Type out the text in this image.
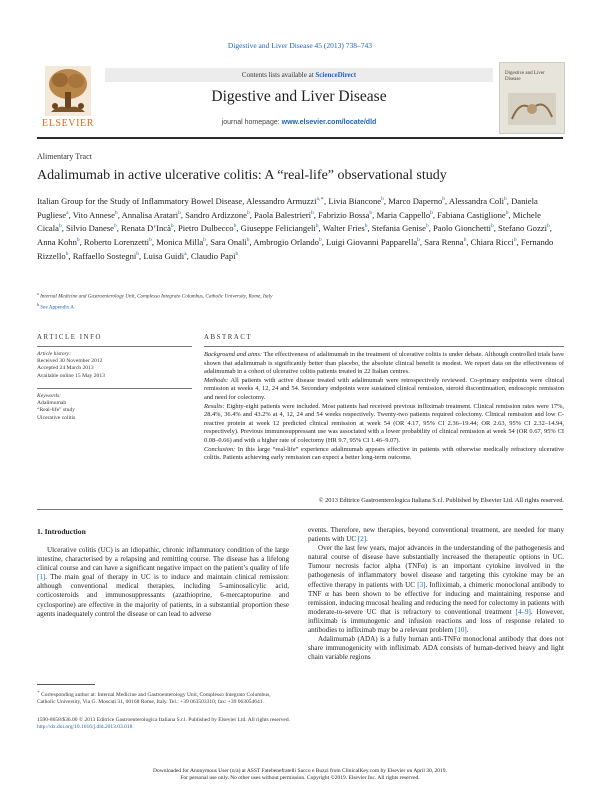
Digestive and Liver Disease 45 (2013) 738–743
ELSEVIER
Contents lists available at ScienceDirect
Digestive and Liver Disease
journal homepage: www.elsevier.com/locate/dld
Digestive and Liver Disease
Alimentary Tract
Adalimumab in active ulcerative colitis: A “real-life” observational study
Italian Group for the Study of Inflammatory Bowel Disease, Alessandro Armuzzi$^{a,∗}$, Livia Biancone$^b$, Marco Daperno$^b$, Alessandra Coli$^b$, Daniela Pugliese$^a$, Vito Annese$^b$, Annalisa Aratari$^b$, Sandro Ardizzone$^b$, Paola Balestrieri$^b$, Fabrizio Bossa$^b$, Maria Cappello$^b$, Fabiana Castiglione$^b$, Michele Cicala$^b$, Silvio Danese$^b$, Renata D’Incà$^b$, Pietro Dulbecco$^b$, Giuseppe Feliciangeli$^b$, Walter Fries$^b$, Stefania Genise$^b$, Paolo Gionchetti$^b$, Stefano Gozzi$^b$, Anna Kohn$^b$, Roberto Lorenzetti$^b$, Monica Milla$^b$, Sara Onali$^b$, Ambrogio Orlando$^b$, Luigi Giovanni Papparella$^b$, Sara Renna$^b$, Chiara Ricci$^b$, Fernando Rizzello$^b$, Raffaello Sostegni$^b$, Luisa Guidi$^a$, Claudio Papi$^b$
$^a$ Internal Medicine and Gastroenterology Unit, Complesso Integrato Columbus, Catholic University, Rome, Italy
$^b$ See Appendix A
ARTICLE INFO	ABSTRACT
Article history:
Received 30 November 2012
Accepted 24 March 2013
Available online 15 May 2013
Keywords:
Adalimumab
“Real-life” study
Ulcerative colitis

Background and aims: The effectiveness of adalimumab in the treatment of ulcerative colitis is under debate. Although controlled trials have shown that adalimumab is significantly better than placebo, the absolute clinical benefit is modest. We report data on the effectiveness of adalimumab in a cohort of ulcerative colitis patients treated in 22 Italian centres.

Methods: All patients with active disease treated with adalimumab were retrospectively reviewed. Co-primary endpoints were clinical remission at weeks 4, 12, 24 and 54. Secondary endpoints were sustained clinical remission, steroid discontinuation, endoscopic remission and need for colectomy.

Results: Eighty-eight patients were included. Most patients had received previous infliximab treatment. Clinical remission rates were 17%, 28.4%, 36.4% and 43.2% at 4, 12, 24 and 54 weeks respectively. Twenty-two patients required colectomy. Clinical remission and low C-reactive protein at week 12 predicted clinical remission at week 54 (OR 4.17, 95% CI 2.36–19.44; OR 2.63, 95% CI 2.32–14.94, respectively). Previous immunosuppressant use was associated with a lower probability of clinical remission at week 54 (OR 0.67, 95% CI 0.08–0.66) and with a higher rate of colectomy (HR 9.7, 95% CI 1.46–9.07).

Conclusion: In this large “real-life” experience adalimumab appears effective in patients with otherwise medically refractory ulcerative colitis. Patients achieving early remission can expect a better long-term outcome.

© 2013 Editrice Gastroenterologica Italiana S.r.l. Published by Elsevier Ltd. All rights reserved.
1. Introduction

Ulcerative colitis (UC) is an idiopathic, chronic inflammatory condition of the large intestine, characterised by a relapsing and remitting course. The disease has a lifelong clinical course and can have a significant negative impact on the patient’s quality of life [1]. The main goal of therapy in UC is to induce and maintain clinical remission: although conventional medical therapies, including 5-aminosalicylic acid, corticosteroids and immunosuppressants (azathioprine, 6-mercaptopurine and cyclosporine) are effective in the majority of patients, in a substantial proportion these agents inadequately control the disease or can lead to adverse

events. Therefore, new therapies, beyond conventional treatment, are needed for many patients with UC [2].

Over the last few years, major advances in the understanding of the pathogenesis and natural course of disease have substantially increased the therapeutic options in UC. Tumour necrosis factor alpha (TNFα) is an important cytokine involved in the pathogenesis of inflammatory bowel disease and targeting this cytokine may be an effective therapy in patients with UC [3]. Infliximab, a chimeric monoclonal antibody to TNF α has been shown to be effective for inducing and maintaining response and remission, inducing mucosal healing and reducing the need for colectomy in patients with moderate-to-severe UC that is refractory to conventional treatment [4–9]. However, infliximab is immunogenic and infusion reactions and loss of response related to antibodies to infliximab may be a relevant problem [10].

Adalimumab (ADA) is a fully human anti-TNFα monoclonal antibody that does not share immunogenicity with infliximab. ADA consists of human-derived heavy and light chain variable regions

∗ Corresponding author at: Internal Medicine and Gastroenterology Unit, Complesso Integrato Columbus, Catholic University, Via G. Moscati 31, 00168 Rome, Italy. Tel.: +39 063503310; fax: +39 063054641.
1590-8658/$36.00 © 2013 Editrice Gastroenterologica Italiana S.r.l. Published by Elsevier Ltd. All rights reserved.
http://dx.doi.org/10.1016/j.dld.2013.03.018
Downloaded for Anonymous User (n/a) at ASST Fatebenefratelli Sacco e Buzzi from ClinicalKey.com by Elsevier on April 30, 2019.
For personal use only. No other uses without permission. Copyright ©2019. Elsevier Inc. All rights reserved.
